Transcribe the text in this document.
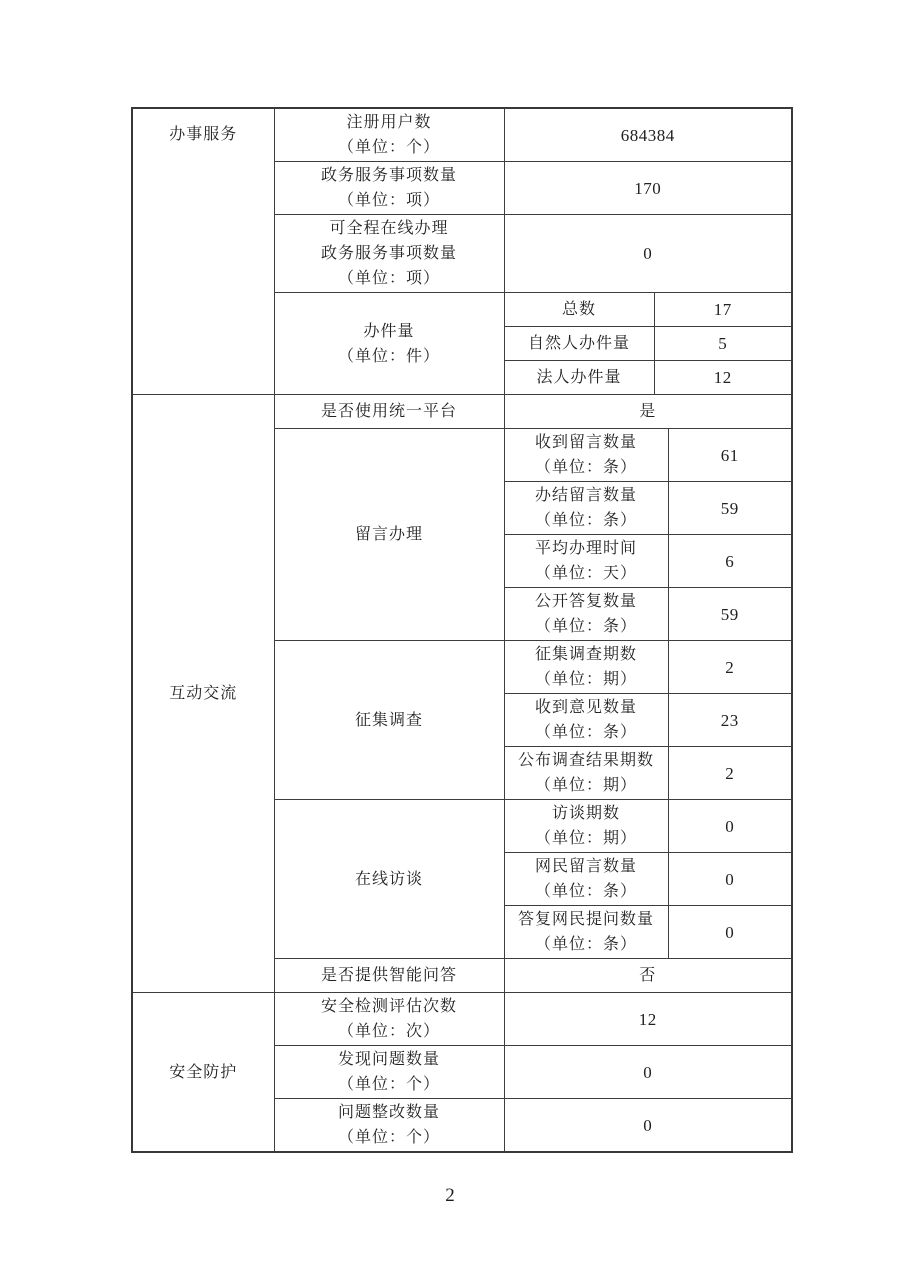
办事服务	注册用户数
（单位：个）	684384		

	政务服务事项数量
（单位：项）	170		

	可全程在线办理
政务服务事项数量
（单位：项）	0		

	办件量
（单位：件）	总数	17	
		自然人办件量	5	
		法人办件量	12	

互动交流	是否使用统一平台	是		
	留言办理	收到留言数量
（单位：条）		61

		办结留言数量
（单位：条）		59

		平均办理时间
（单位：天）		6

		公开答复数量
（单位：条）		59
	征集调查	征集调查期数
（单位：期）		2

		收到意见数量
（单位：条）		23

		公布调查结果期数
（单位：期）		2
	在线访谈	访谈期数
（单位：期）		0

		网民留言数量
（单位：条）		0

		答复网民提问数量
（单位：条）		0
	是否提供智能问答	否		

安全防护	安全检测评估次数
（单位：次）	12		

	发现问题数量
（单位：个）	0		

	问题整改数量
（单位：个）	0		
2
